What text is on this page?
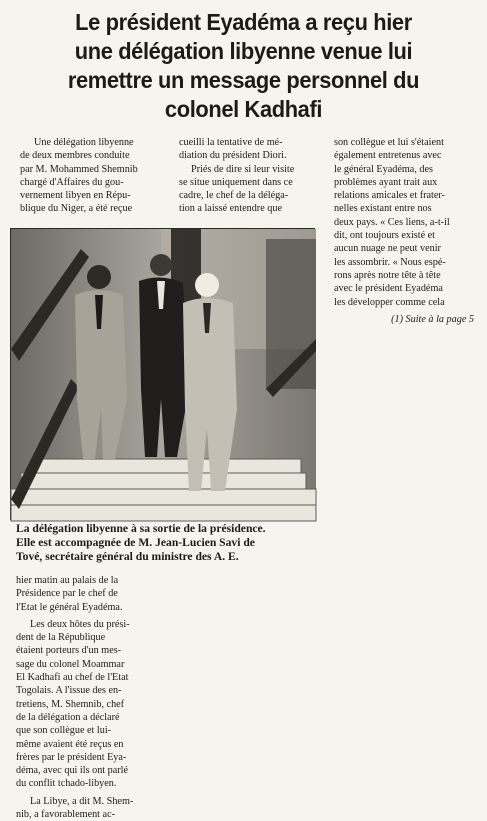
Le président Eyadéma a reçu hier
une délégation libyenne venue lui
remettre un message personnel du
colonel Kadhafi
Une délégation libyenne
de deux membres conduite
par M. Mohammed Shemnib
chargé d'Affaires du gou-
vernement libyen en Répu-
blique du Niger, a été reçue
cueilli la tentative de mé-
diation du président Diori.
Priés de dire si leur visite
se situe uniquement dans ce
cadre, le chef de la déléga-
tion a laissé entendre que
son collègue et lui s'étaient
également entretenus avec
le général Eyadéma, des
problèmes ayant trait aux
relations amicales et frater-
nelles existant entre nos
deux pays. « Ces liens, a-t-il
dit, ont toujours existé et
aucun nuage ne peut venir
les assombrir. « Nous espé-
rons après notre tête à tête
avec le président Eyadéma
les développer comme cela
(1) Suite à la page 5
La délégation libyenne à sa sortie de la présidence.
Elle est accompagnée de M. Jean-Lucien Savi de
Tové, secrétaire général du ministre des A. E.
hier matin au palais de la
Présidence par le chef de
l'Etat le général Eyadéma.
Les deux hôtes du prési-
dent de la République
étaient porteurs d'un mes-
sage du colonel Moammar
El Kadhafi au chef de l'Etat
Togolais. A l'issue des en-
tretiens, M. Shemnib, chef
de la délégation a déclaré
que son collègue et lui-
même avaient été reçus en
frères par le président Eya-
déma, avec qui ils ont parlé
du conflit tchado-libyen.
La Libye, a dit M. Shem-
nib, a favorablement ac-
